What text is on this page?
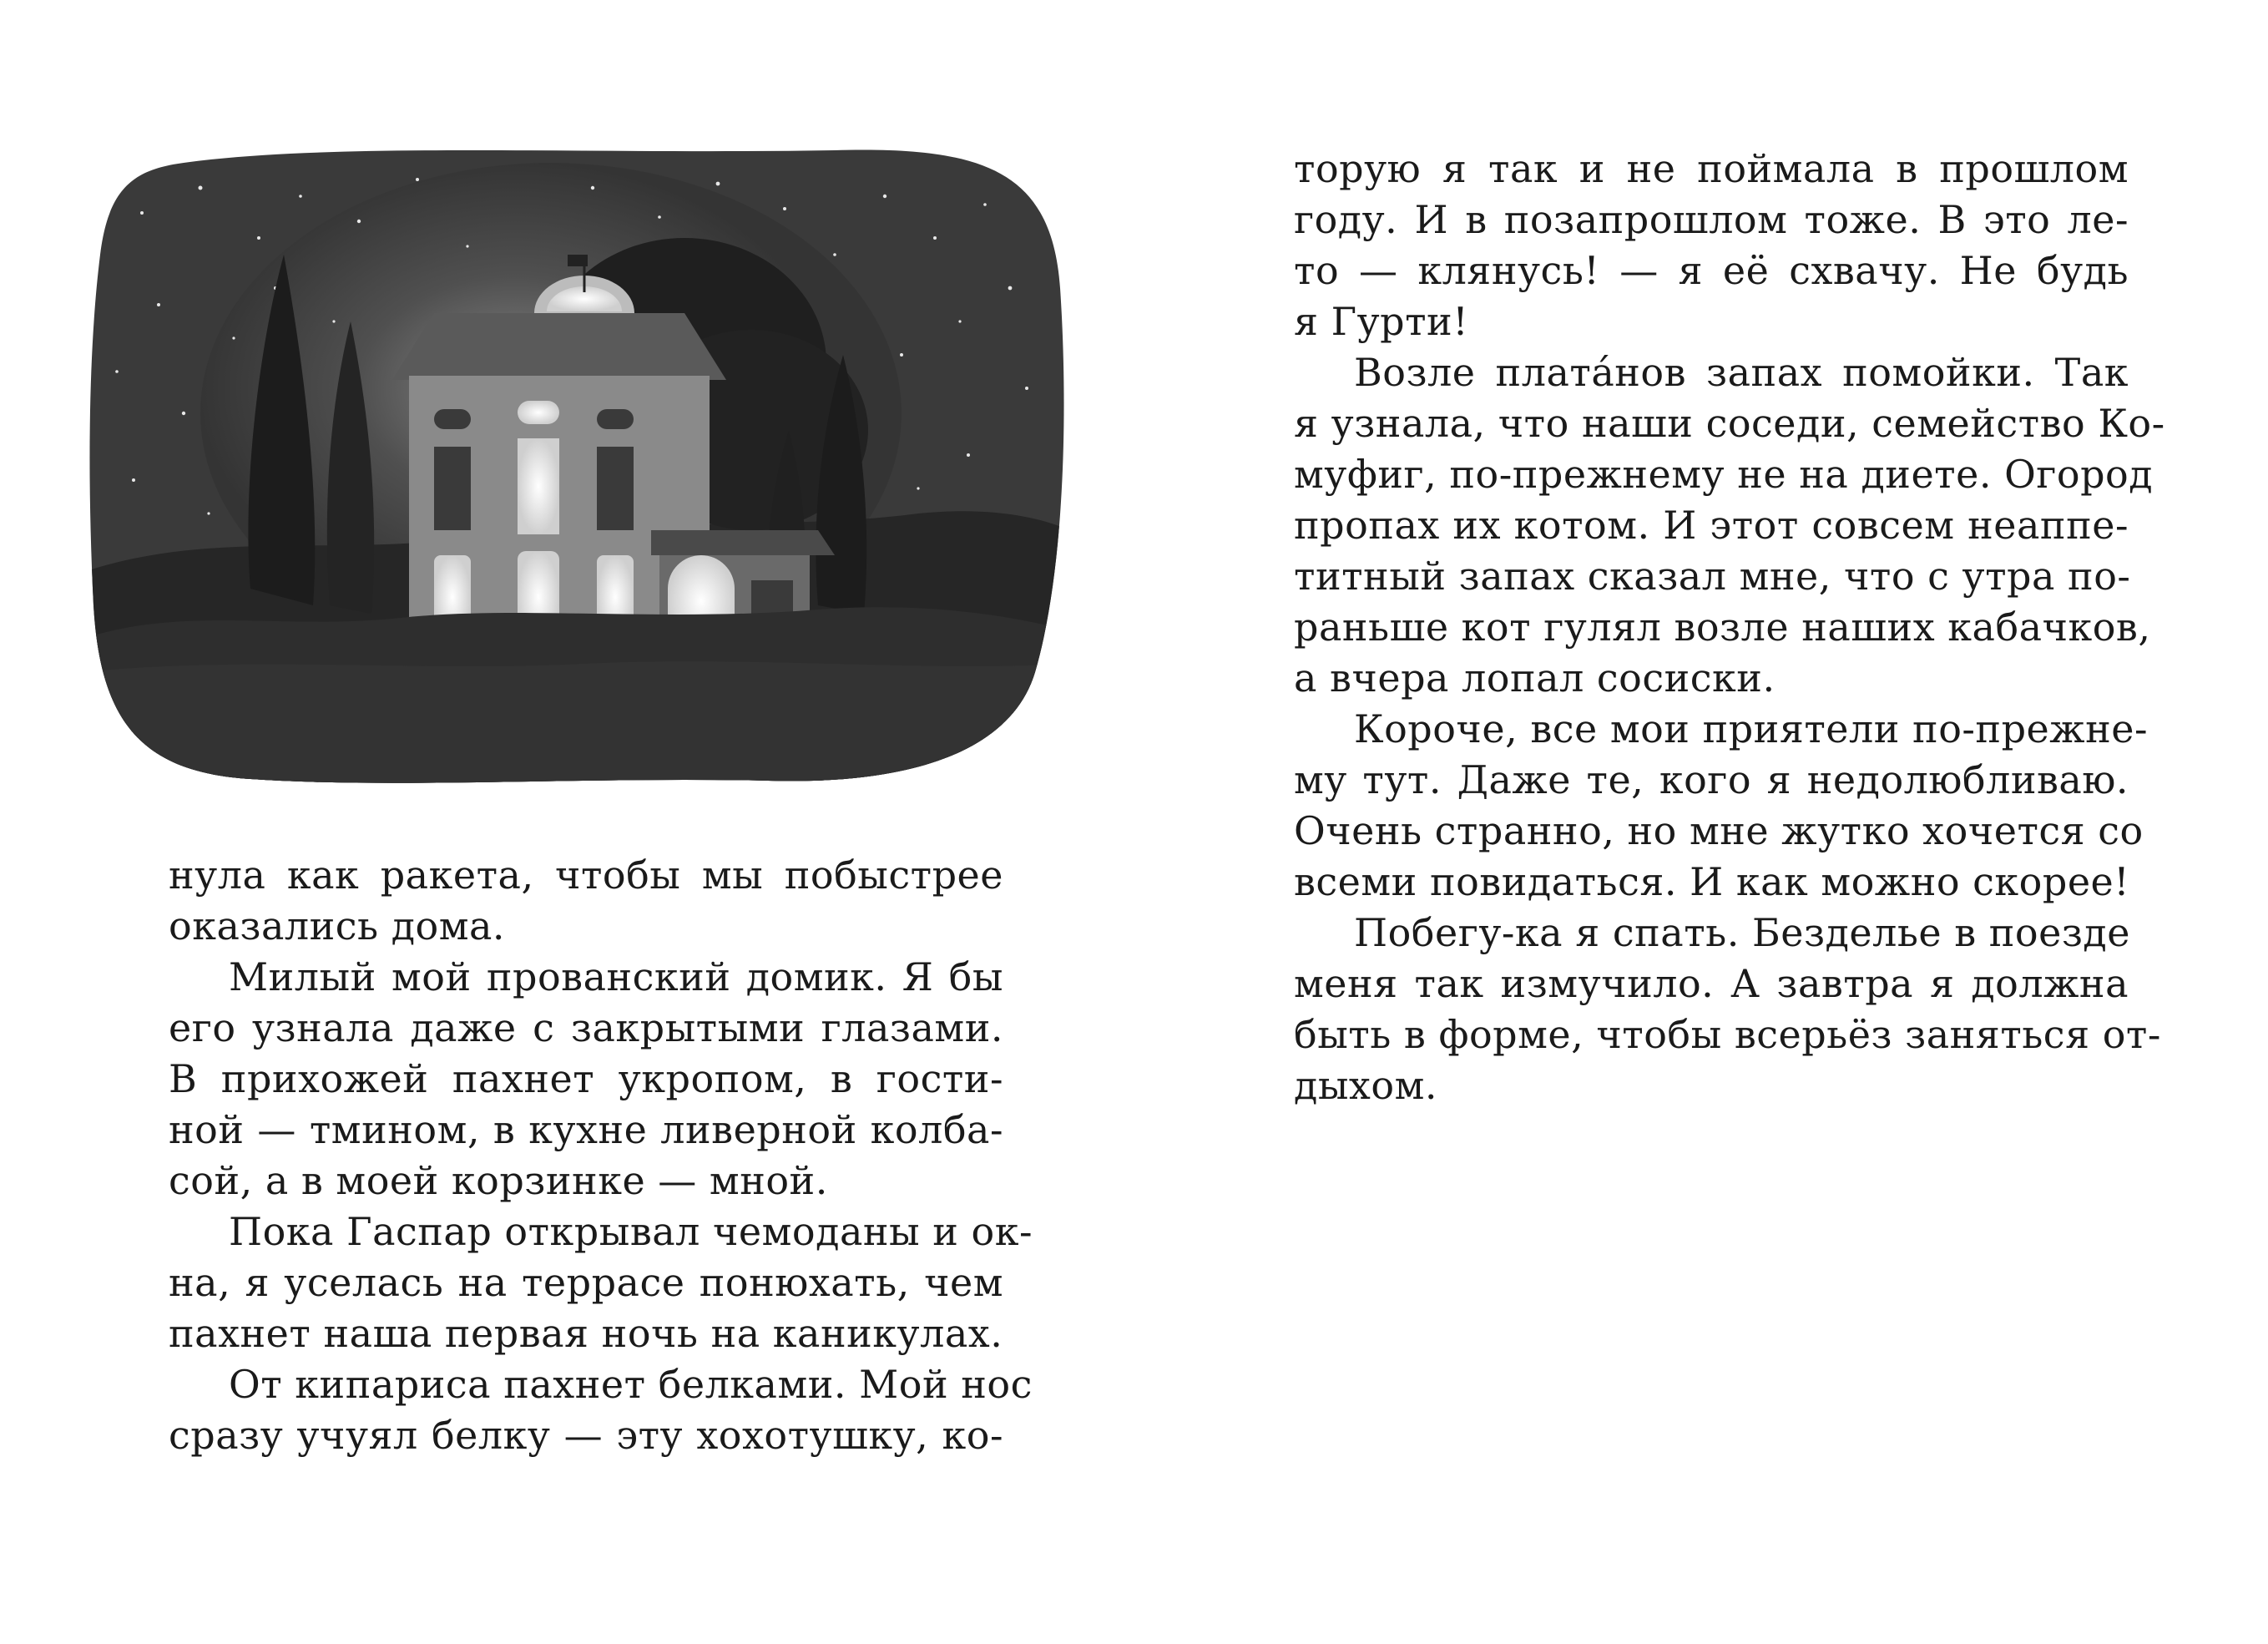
нула как ракета, чтобы мы побыстрее
оказались дома.
Милый мой прованский домик. Я бы
его узнала даже с закрытыми глазами.
В прихожей пахнет укропом, в гости-
ной — тмином, в кухне ливерной колба-
сой, а в моей корзинке — мной.
Пока Гаспар открывал чемоданы и ок-
на, я уселась на террасе понюхать, чем
пахнет наша первая ночь на каникулах.
От кипариса пахнет белками. Мой нос
сразу учуял белку — эту хохотушку, ко-
торую я так и не поймала в прошлом
году. И в позапрошлом тоже. В это ле-
то — клянусь! — я её схвачу. Не будь
я Гурти!
Возле плата́нов запах помойки. Так
я узнала, что наши соседи, семейство Ко-
муфиг, по-прежнему не на диете. Огород
пропах их котом. И этот совсем неаппе-
титный запах сказал мне, что с утра по-
раньше кот гулял возле наших кабачков,
а вчера лопал сосиски.
Короче, все мои приятели по-прежне-
му тут. Даже те, кого я недолюбливаю.
Очень странно, но мне жутко хочется со
всеми повидаться. И как можно скорее!
Побегу-ка я спать. Безделье в поезде
меня так измучило. А завтра я должна
быть в форме, чтобы всерьёз заняться от-
дыхом.
